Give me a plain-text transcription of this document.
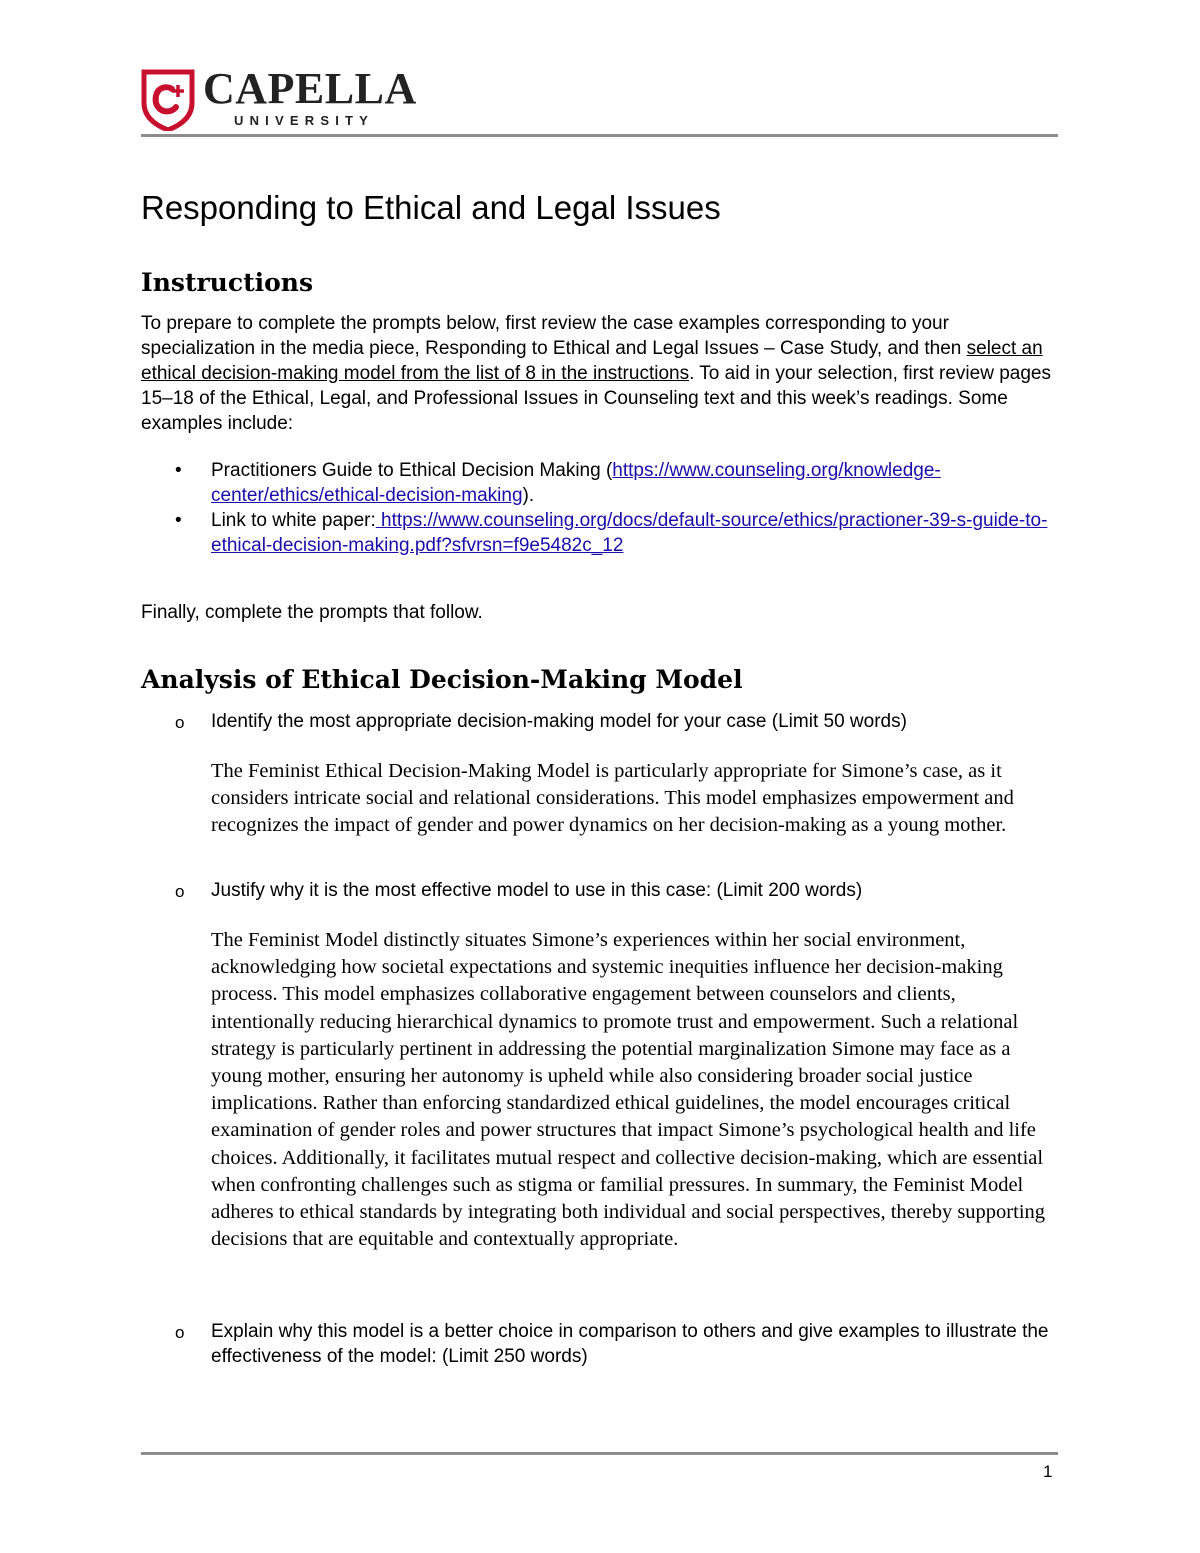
CAPELLA
UNIVERSITY
Responding to Ethical and Legal Issues
Instructions

To prepare to complete the prompts below, first review the case examples corresponding to your specialization in the media piece, Responding to Ethical and Legal Issues – Case Study, and then select an ethical decision-making model from the list of 8 in the instructions. To aid in your selection, first review pages 15–18 of the Ethical, Legal, and Professional Issues in Counseling text and this week’s readings. Some examples include:

• Practitioners Guide to Ethical Decision Making (https://www.counseling.org/knowledge-center/ethics/ethical-decision-making).
• Link to white paper: https://www.counseling.org/docs/default-source/ethics/practioner-39-s-guide-to-ethical-decision-making.pdf?sfvrsn=f9e5482c_12

Finally, complete the prompts that follow.

Analysis of Ethical Decision-Making Model
o Identify the most appropriate decision-making model for your case (Limit 50 words)

The Feminist Ethical Decision-Making Model is particularly appropriate for Simone’s case, as it considers intricate social and relational considerations. This model emphasizes empowerment and recognizes the impact of gender and power dynamics on her decision-making as a young mother.

o Justify why it is the most effective model to use in this case: (Limit 200 words)

The Feminist Model distinctly situates Simone’s experiences within her social environment, acknowledging how societal expectations and systemic inequities influence her decision-making process. This model emphasizes collaborative engagement between counselors and clients, intentionally reducing hierarchical dynamics to promote trust and empowerment. Such a relational strategy is particularly pertinent in addressing the potential marginalization Simone may face as a young mother, ensuring her autonomy is upheld while also considering broader social justice implications. Rather than enforcing standardized ethical guidelines, the model encourages critical examination of gender roles and power structures that impact Simone’s psychological health and life choices. Additionally, it facilitates mutual respect and collective decision-making, which are essential when confronting challenges such as stigma or familial pressures. In summary, the Feminist Model adheres to ethical standards by integrating both individual and social perspectives, thereby supporting decisions that are equitable and contextually appropriate.

o Explain why this model is a better choice in comparison to others and give examples to illustrate the effectiveness of the model: (Limit 250 words)
1
